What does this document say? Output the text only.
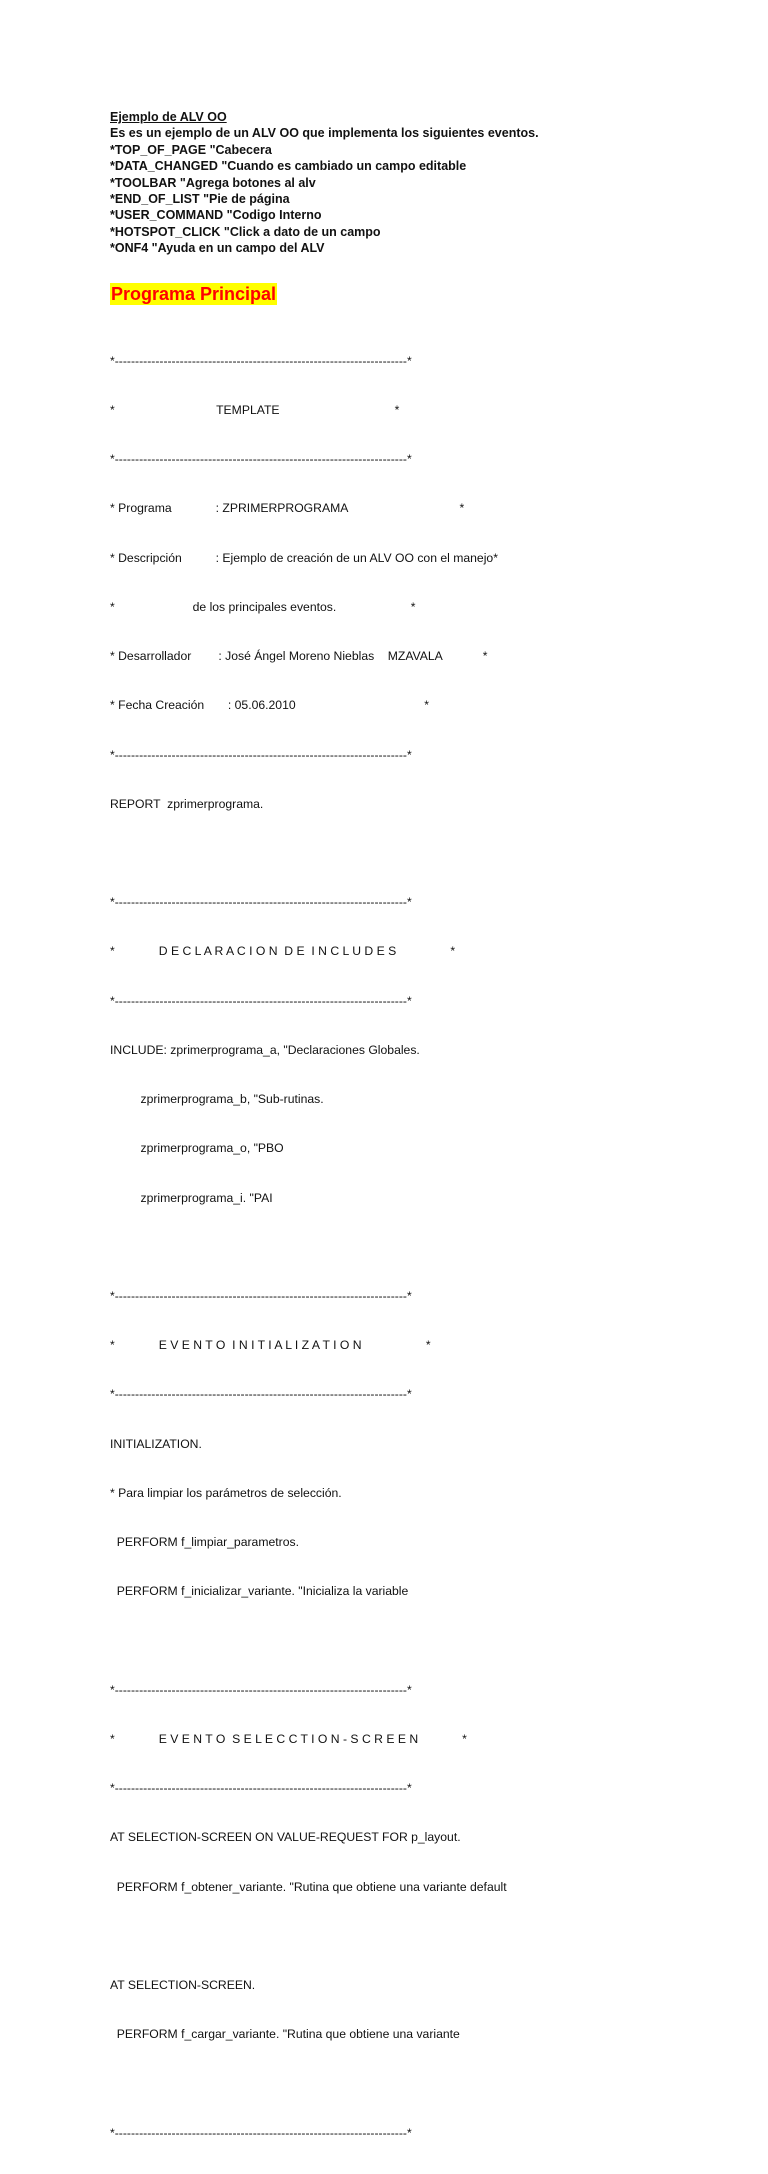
Ejemplo de ALV OO
Es es un ejemplo de un ALV OO que implementa los siguientes eventos.
*TOP_OF_PAGE "Cabecera
*DATA_CHANGED "Cuando es cambiado un campo editable
*TOOLBAR "Agrega botones al alv
*END_OF_LIST "Pie de página
*USER_COMMAND "Codigo Interno
*HOTSPOT_CLICK "Click a dato de un campo
*ONF4 "Ayuda en un campo del ALV
Programa Principal

*------------------------------------------------------------------------*

*                              TEMPLATE                                  *

*------------------------------------------------------------------------*

* Programa             : ZPRIMERPROGRAMA                                 *

* Descripción          : Ejemplo de creación de un ALV OO con el manejo*

*                       de los principales eventos.                      *

* Desarrollador        : José Ángel Moreno Nieblas    MZAVALA            *

* Fecha Creación       : 05.06.2010                                      *

*------------------------------------------------------------------------*

REPORT  zprimerprograma.

*------------------------------------------------------------------------*

*             D E C L A R A C I O N  D E  I N C L U D E S                *

*------------------------------------------------------------------------*

INCLUDE: zprimerprograma_a, "Declaraciones Globales.

zprimerprograma_b, "Sub-rutinas.

zprimerprograma_o, "PBO

zprimerprograma_i. "PAI

*------------------------------------------------------------------------*

*             E V E N T O  I N I T I A L I Z A T I O N                   *

*------------------------------------------------------------------------*

INITIALIZATION.

* Para limpiar los parámetros de selección.

PERFORM f_limpiar_parametros.

PERFORM f_inicializar_variante. "Inicializa la variable

*------------------------------------------------------------------------*

*             E V E N T O  S E L E C C T I O N - S C R E E N             *

*------------------------------------------------------------------------*

AT SELECTION-SCREEN ON VALUE-REQUEST FOR p_layout.

PERFORM f_obtener_variante. "Rutina que obtiene una variante default

AT SELECTION-SCREEN.

PERFORM f_cargar_variante. "Rutina que obtiene una variante

*------------------------------------------------------------------------*
